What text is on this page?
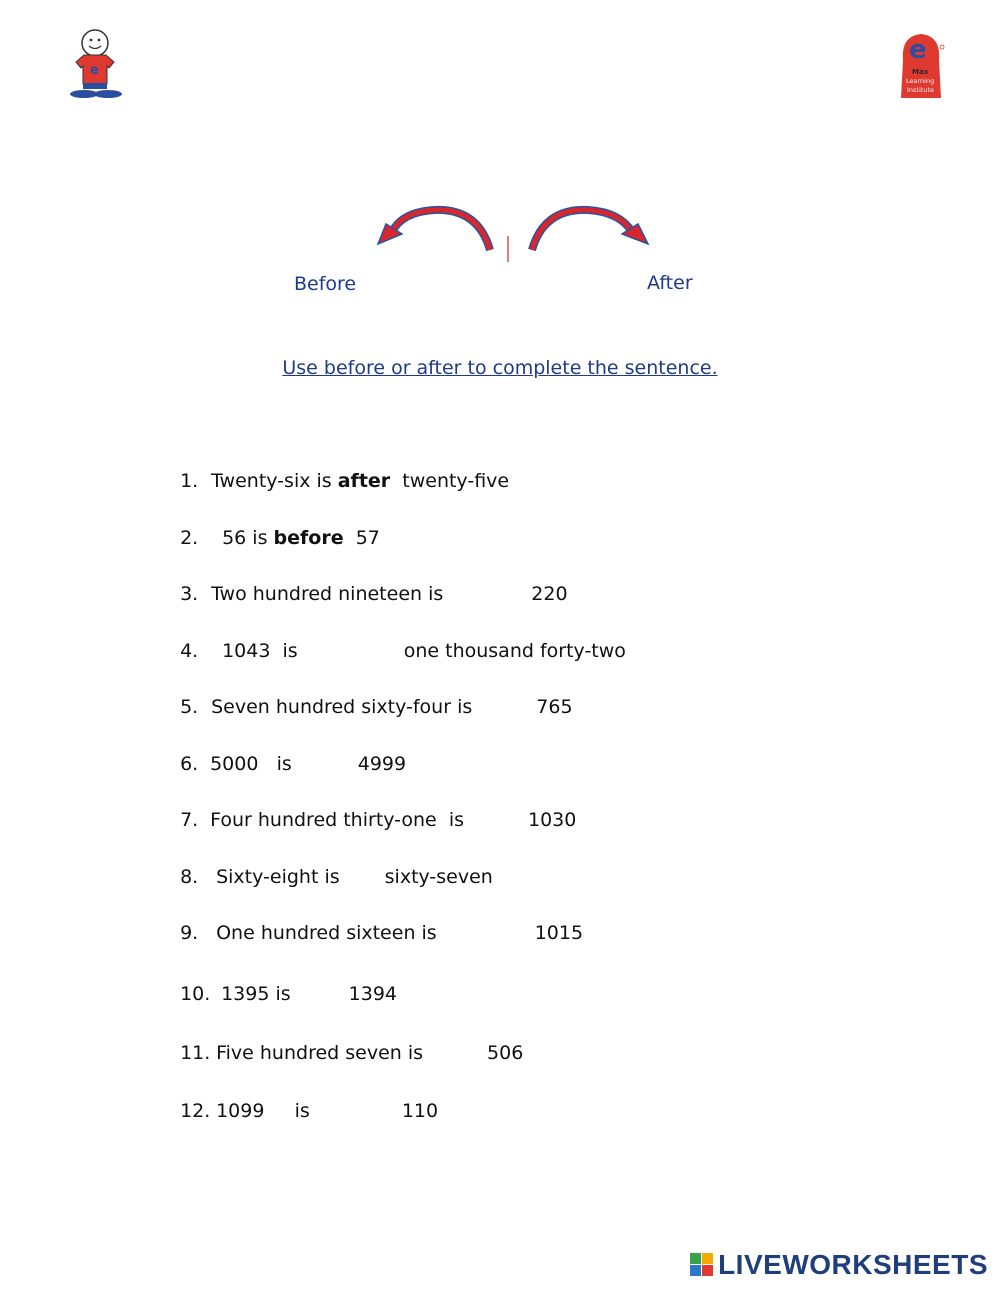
e
e
Max
Learning
Institute
Before	After
Use before or after to complete the sentence.

1. Twenty-six is after twenty-five

2. 56 is before 57

3. Two hundred nineteen is	220

4. 1043  is	one thousand forty-two

5. Seven hundred sixty-four is	765

6. 5000   is	4999

7. Four hundred thirty-one  is	1030

8. Sixty-eight is sixty-seven

9. One hundred sixteen is	1015

10. 1395 is	1394

11. Five hundred seven is	506

12. 1099     is	110

LIVEWORKSHEETS
